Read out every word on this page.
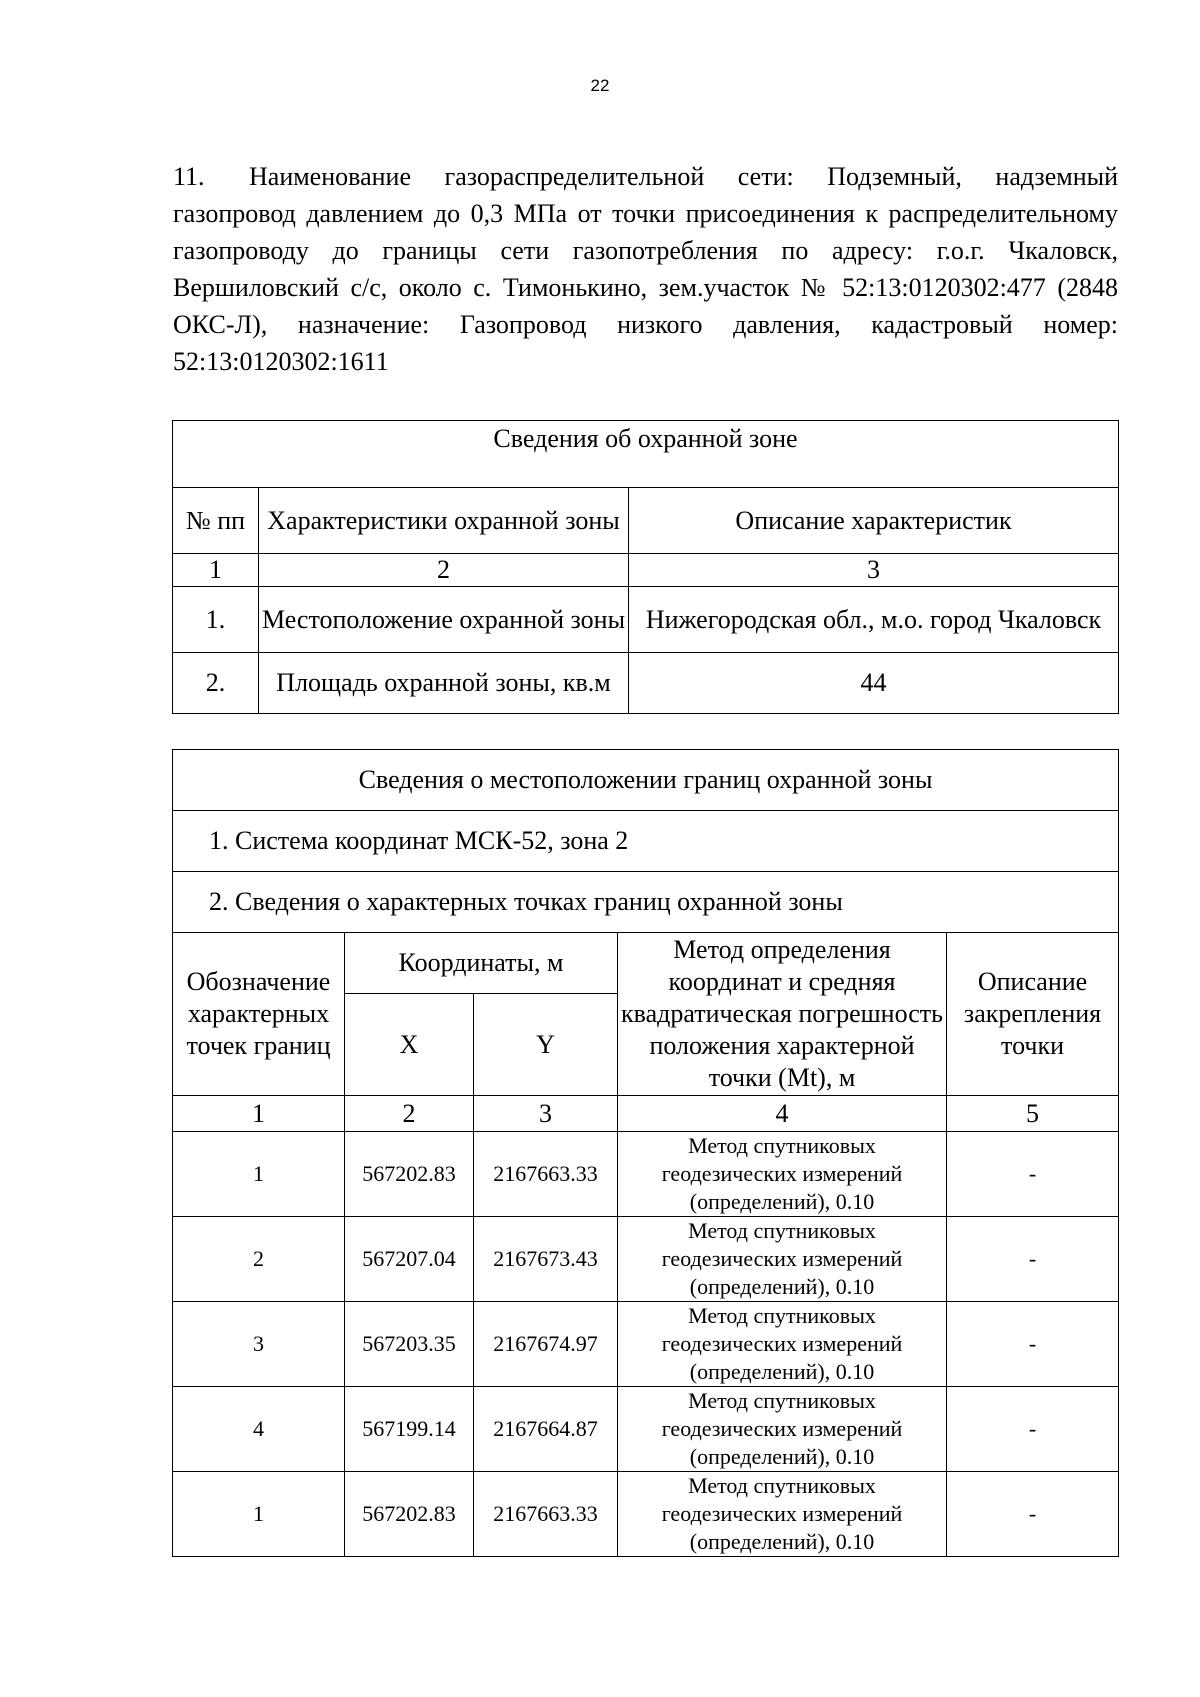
22

11. Наименование газораспределительной сети: Подземный, надземный газопровод давлением до 0,3 МПа от точки присоединения к распределительному газопроводу до границы сети газопотребления по адресу: г.о.г. Чкаловск, Вершиловский с/с, около с. Тимонькино, зем.участок № 52:13:0120302:477 (2848 ОКС-Л), назначение: Газопровод низкого давления, кадастровый номер: 52:13:0120302:1611

Сведения об охранной зоне		
№ пп	Характеристики охранной зоны	Описание характеристик
1	2	3
1.	Местоположение охранной зоны	Нижегородская обл., м.о. город Чкаловск
2.	Площадь охранной зоны, кв.м	44
Сведения о местоположении границ охранной зоны				
1. Система координат МСК-52, зона 2				
2. Сведения о характерных точках границ охранной зоны				
Обозначение характерных точек границ	Координаты, м		Метод определения координат и средняя квадратическая погрешность положения характерной точки (Mt), м	Описание закрепления точки
	X	Y		
1	2	3	4	5
1	567202.83	2167663.33	Метод спутниковых геодезических измерений (определений), 0.10	-
2	567207.04	2167673.43	Метод спутниковых геодезических измерений (определений), 0.10	-
3	567203.35	2167674.97	Метод спутниковых геодезических измерений (определений), 0.10	-
4	567199.14	2167664.87	Метод спутниковых геодезических измерений (определений), 0.10	-
1	567202.83	2167663.33	Метод спутниковых геодезических измерений (определений), 0.10	-
